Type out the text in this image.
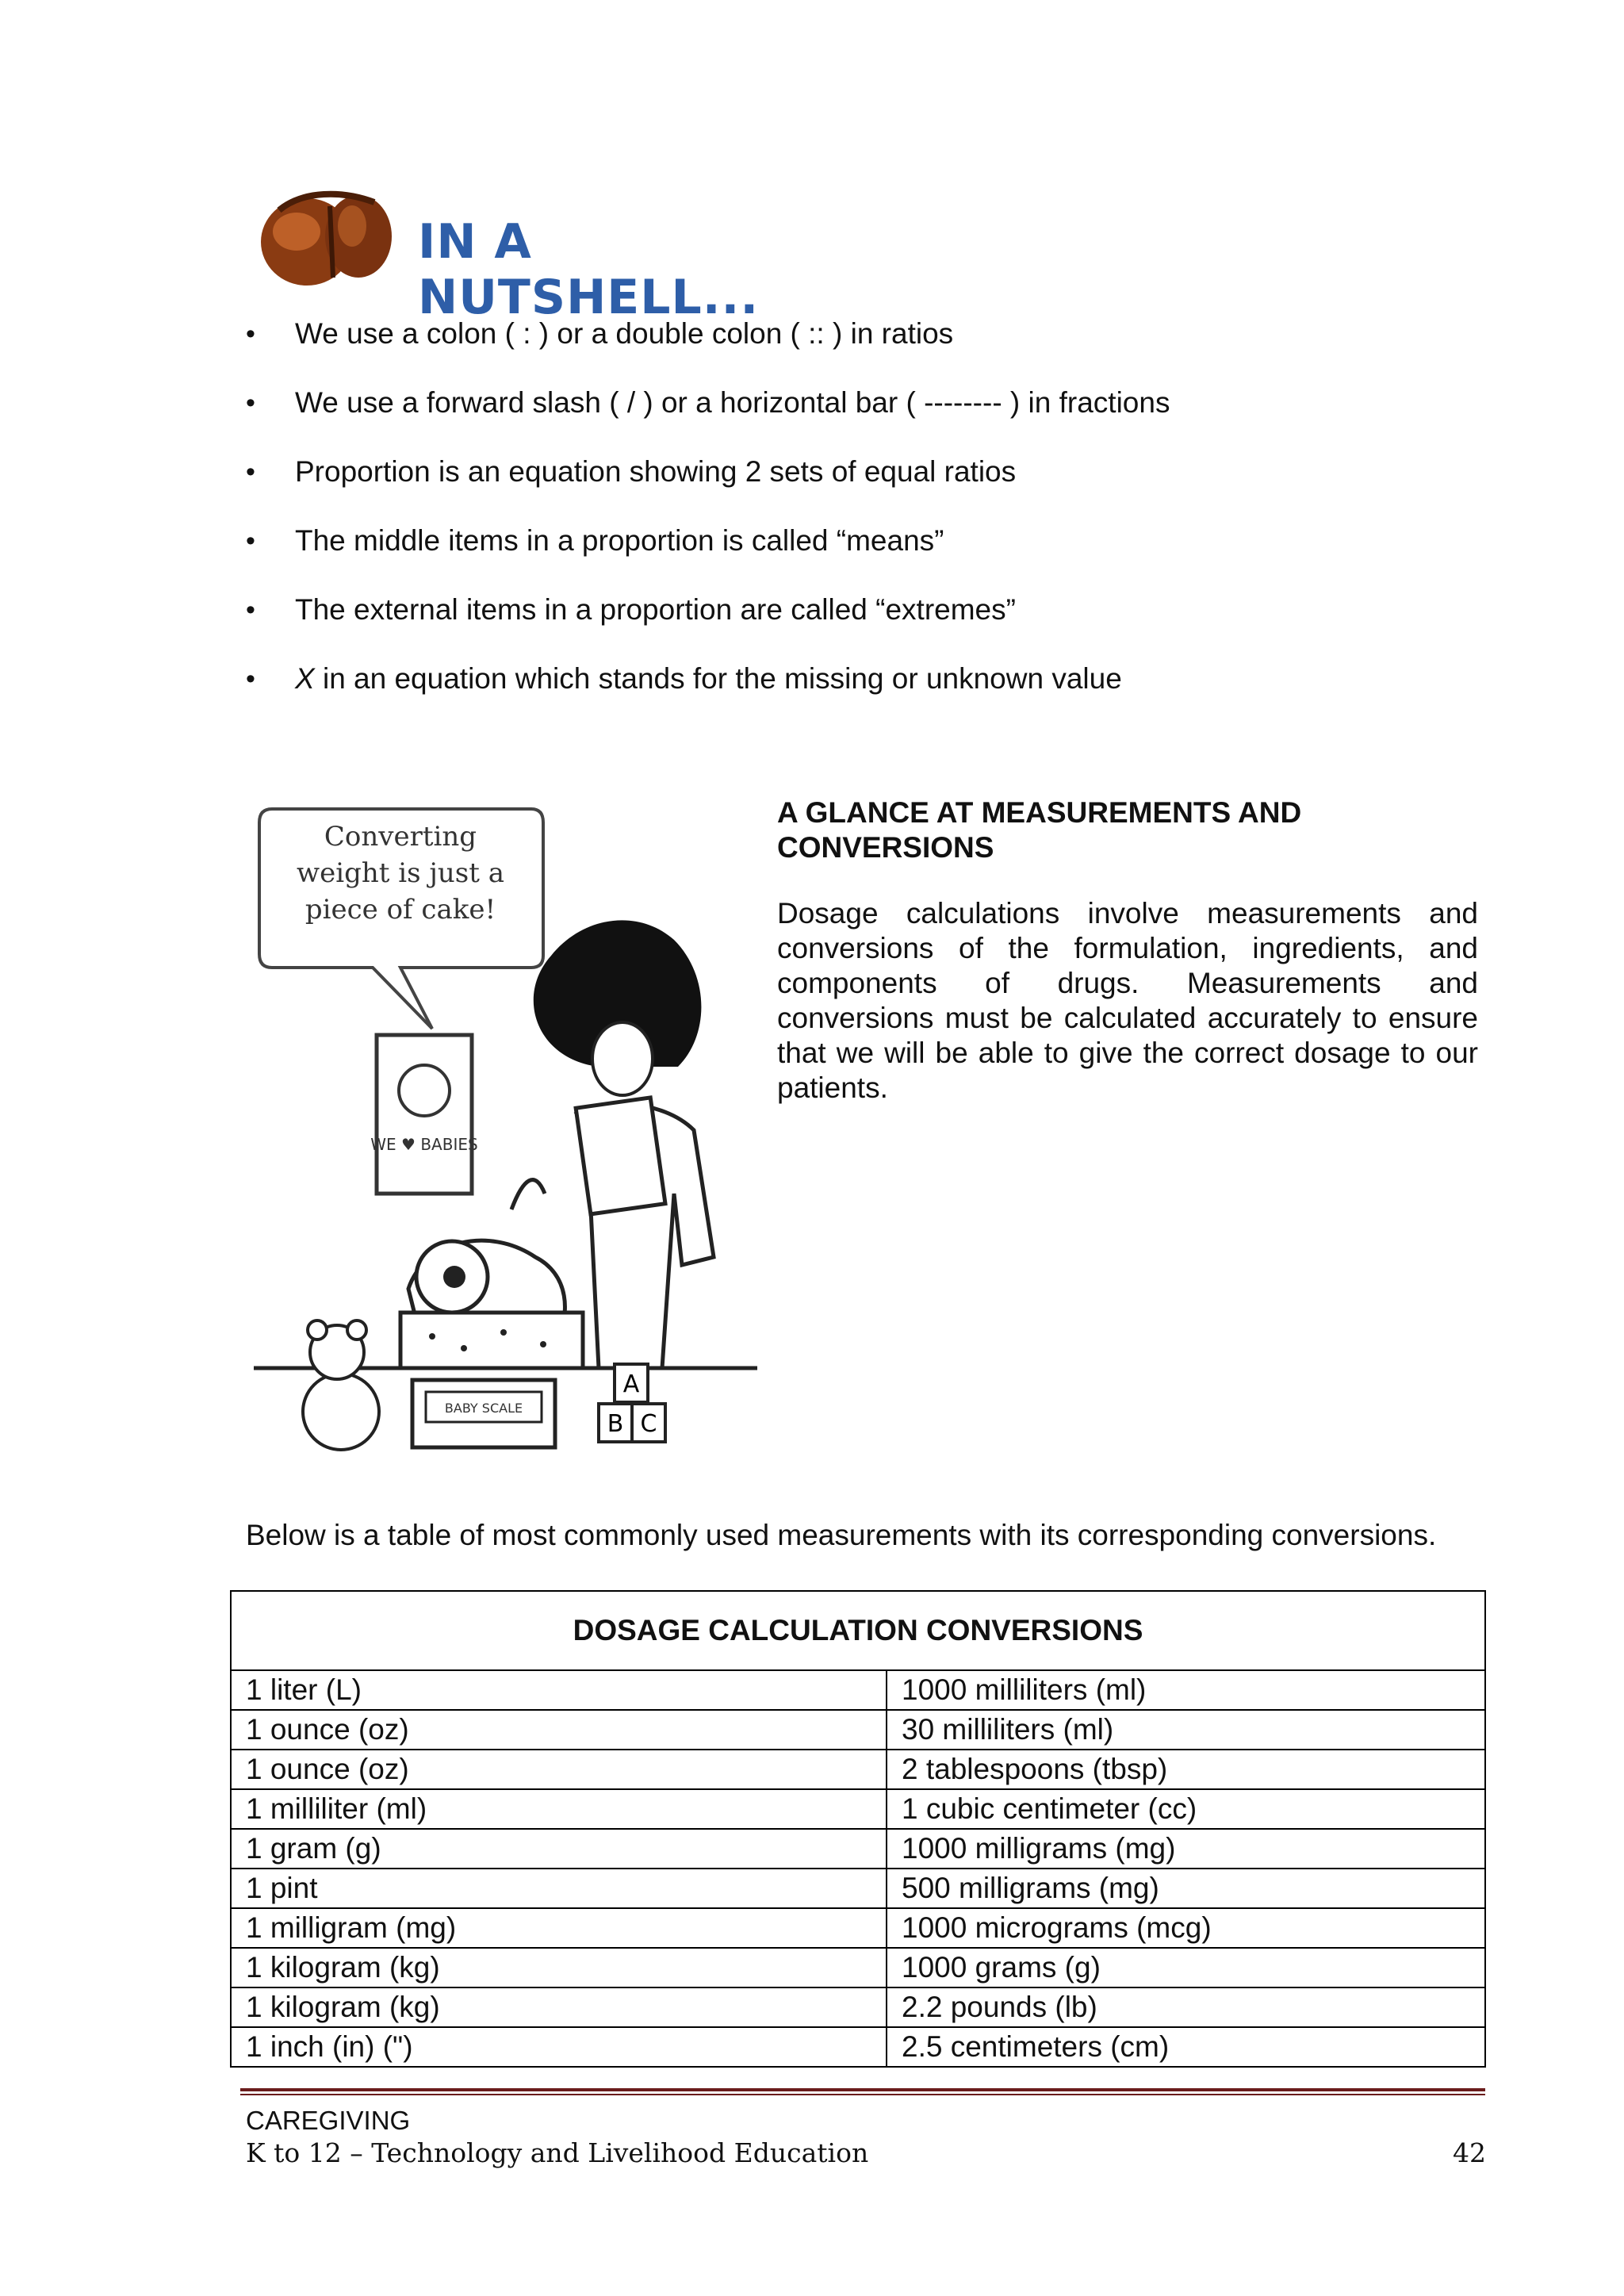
IN A NUTSHELL...

• We use a colon ( : ) or a double colon ( :: ) in ratios
• We use a forward slash ( / ) or a horizontal bar ( -------- ) in fractions
• Proportion is an equation showing 2 sets of equal ratios
• The middle items in a proportion is called “means”
• The external items in a proportion are called “extremes”
• X in an equation which stands for the missing or unknown value
WE ♥ BABIES
BABY SCALE
A
B C
Converting weight is just a piece of cake!
A GLANCE AT MEASUREMENTS AND CONVERSIONS

Dosage calculations involve measurements and conversions of the formulation, ingredients, and components of drugs. Measurements and conversions must be calculated accurately to ensure that we will be able to give the correct dosage to our patients.

Below is a table of most commonly used measurements with its corresponding conversions.

DOSAGE CALCULATION CONVERSIONS	
1 liter (L)	1000 milliliters (ml)
1 ounce (oz)	30 milliliters (ml)
1 ounce (oz)	2 tablespoons (tbsp)
1 milliliter (ml)	1 cubic centimeter (cc)
1 gram (g)	1000 milligrams (mg)
1 pint	500 milligrams (mg)
1 milligram (mg)	1000 micrograms (mcg)
1 kilogram (kg)	1000 grams (g)
1 kilogram (kg)	2.2 pounds (lb)
1 inch (in) (")	2.5 centimeters (cm)

CAREGIVING

K to 12 – Technology and Livelihood Education	42
